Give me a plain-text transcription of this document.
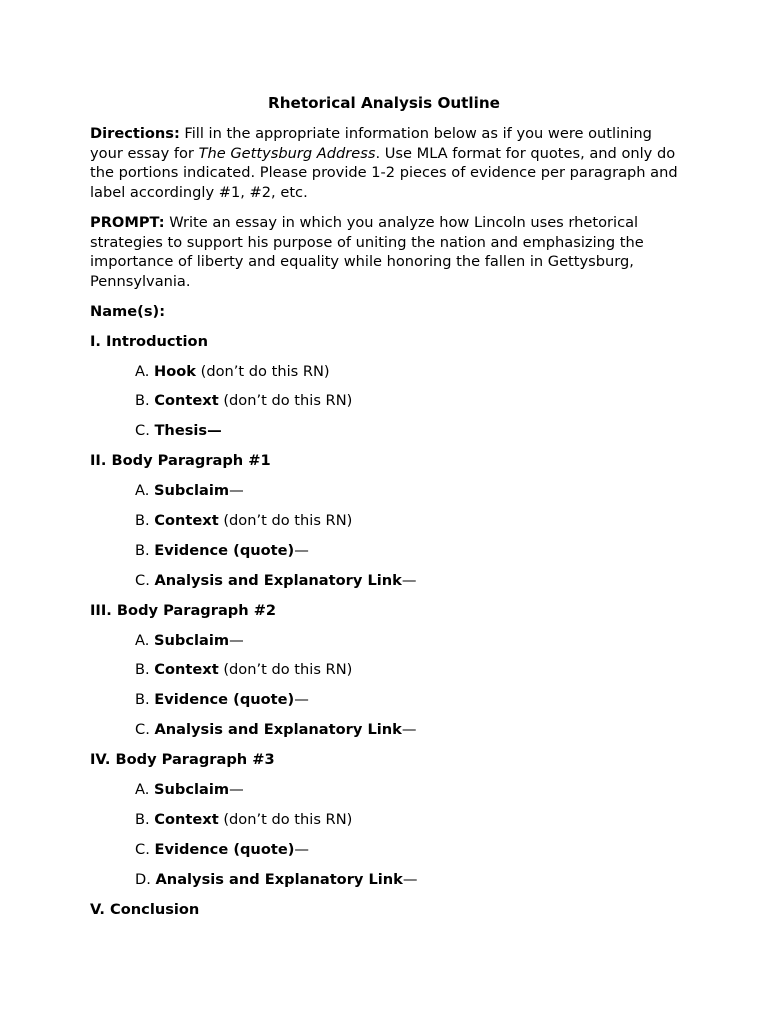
Rhetorical Analysis Outline
Directions: Fill in the appropriate information below as if you were outlining your essay for The Gettysburg Address. Use MLA format for quotes, and only do the portions indicated. Please provide 1-2 pieces of evidence per paragraph and label accordingly #1, #2, etc.
PROMPT: Write an essay in which you analyze how Lincoln uses rhetorical strategies to support his purpose of uniting the nation and emphasizing the importance of liberty and equality while honoring the fallen in Gettysburg, Pennsylvania.
Name(s):
I. Introduction
A. Hook (don’t do this RN)
B. Context (don’t do this RN)
C. Thesis—
II. Body Paragraph #1
A. Subclaim—
B. Context (don’t do this RN)
B. Evidence (quote)—
C. Analysis and Explanatory Link—
III. Body Paragraph #2
A. Subclaim—
B. Context (don’t do this RN)
B. Evidence (quote)—
C. Analysis and Explanatory Link—
IV. Body Paragraph #3
A. Subclaim—
B. Context (don’t do this RN)
C. Evidence (quote)—
D. Analysis and Explanatory Link—
V. Conclusion
